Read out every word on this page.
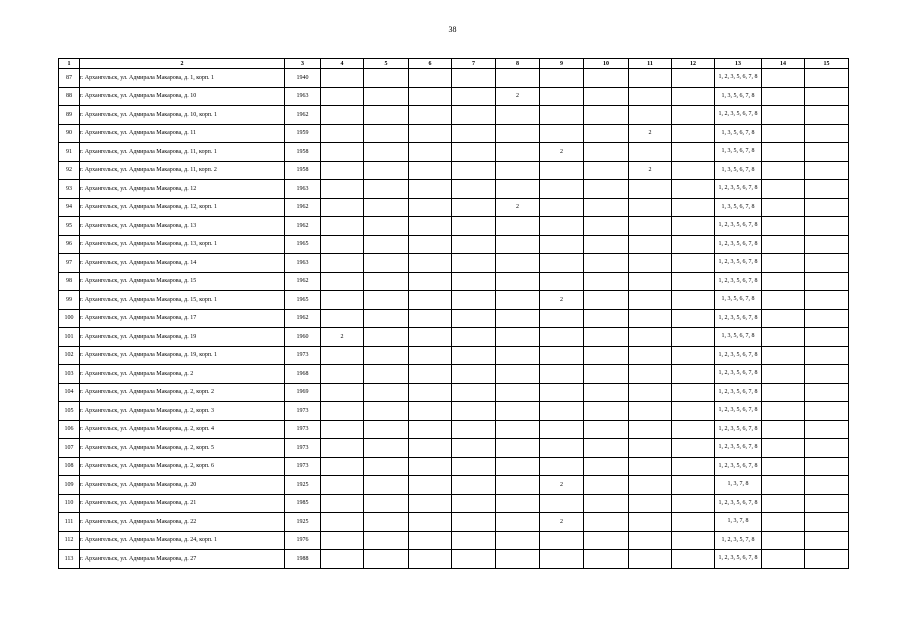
38
1	2	3	4	5	6	7	8	9	10	11	12	13	14	15
87	г. Архангельск, ул. Адмирала Макарова, д. 1, корп. 1	1940										1, 2, 3, 5, 6, 7, 8		
88	г. Архангельск, ул. Адмирала Макарова, д. 10	1963					2					1, 3, 5, 6, 7, 8		
89	г. Архангельск, ул. Адмирала Макарова, д. 10, корп. 1	1962										1, 2, 3, 5, 6, 7, 8		
90	г. Архангельск, ул. Адмирала Макарова, д. 11	1959								2		1, 3, 5, 6, 7, 8		
91	г. Архангельск, ул. Адмирала Макарова, д. 11, корп. 1	1958						2				1, 3, 5, 6, 7, 8		
92	г. Архангельск, ул. Адмирала Макарова, д. 11, корп. 2	1958								2		1, 3, 5, 6, 7, 8		
93	г. Архангельск, ул. Адмирала Макарова, д. 12	1963										1, 2, 3, 5, 6, 7, 8		
94	г. Архангельск, ул. Адмирала Макарова, д. 12, корп. 1	1962					2					1, 3, 5, 6, 7, 8		
95	г. Архангельск, ул. Адмирала Макарова, д. 13	1962										1, 2, 3, 5, 6, 7, 8		
96	г. Архангельск, ул. Адмирала Макарова, д. 13, корп. 1	1965										1, 2, 3, 5, 6, 7, 8		
97	г. Архангельск, ул. Адмирала Макарова, д. 14	1963										1, 2, 3, 5, 6, 7, 8		
98	г. Архангельск, ул. Адмирала Макарова, д. 15	1962										1, 2, 3, 5, 6, 7, 8		
99	г. Архангельск, ул. Адмирала Макарова, д. 15, корп. 1	1965						2				1, 3, 5, 6, 7, 8		
100	г. Архангельск, ул. Адмирала Макарова, д. 17	1962										1, 2, 3, 5, 6, 7, 8		
101	г. Архангельск, ул. Адмирала Макарова, д. 19	1960	2									1, 3, 5, 6, 7, 8		
102	г. Архангельск, ул. Адмирала Макарова, д. 19, корп. 1	1973										1, 2, 3, 5, 6, 7, 8		
103	г. Архангельск, ул. Адмирала Макарова, д. 2	1968										1, 2, 3, 5, 6, 7, 8		
104	г. Архангельск, ул. Адмирала Макарова, д. 2, корп. 2	1969										1, 2, 3, 5, 6, 7, 8		
105	г. Архангельск, ул. Адмирала Макарова, д. 2, корп. 3	1973										1, 2, 3, 5, 6, 7, 8		
106	г. Архангельск, ул. Адмирала Макарова, д. 2, корп. 4	1973										1, 2, 3, 5, 6, 7, 8		
107	г. Архангельск, ул. Адмирала Макарова, д. 2, корп. 5	1973										1, 2, 3, 5, 6, 7, 8		
108	г. Архангельск, ул. Адмирала Макарова, д. 2, корп. 6	1973										1, 2, 3, 5, 6, 7, 8		
109	г. Архангельск, ул. Адмирала Макарова, д. 20	1925						2				1, 3, 7, 8		
110	г. Архангельск, ул. Адмирала Макарова, д. 21	1985										1, 2, 3, 5, 6, 7, 8		
111	г. Архангельск, ул. Адмирала Макарова, д. 22	1925						2				1, 3, 7, 8		
112	г. Архангельск, ул. Адмирала Макарова, д. 24, корп. 1	1976										1, 2, 3, 5, 7, 8		
113	г. Архангельск, ул. Адмирала Макарова, д. 27	1988										1, 2, 3, 5, 6, 7, 8		
